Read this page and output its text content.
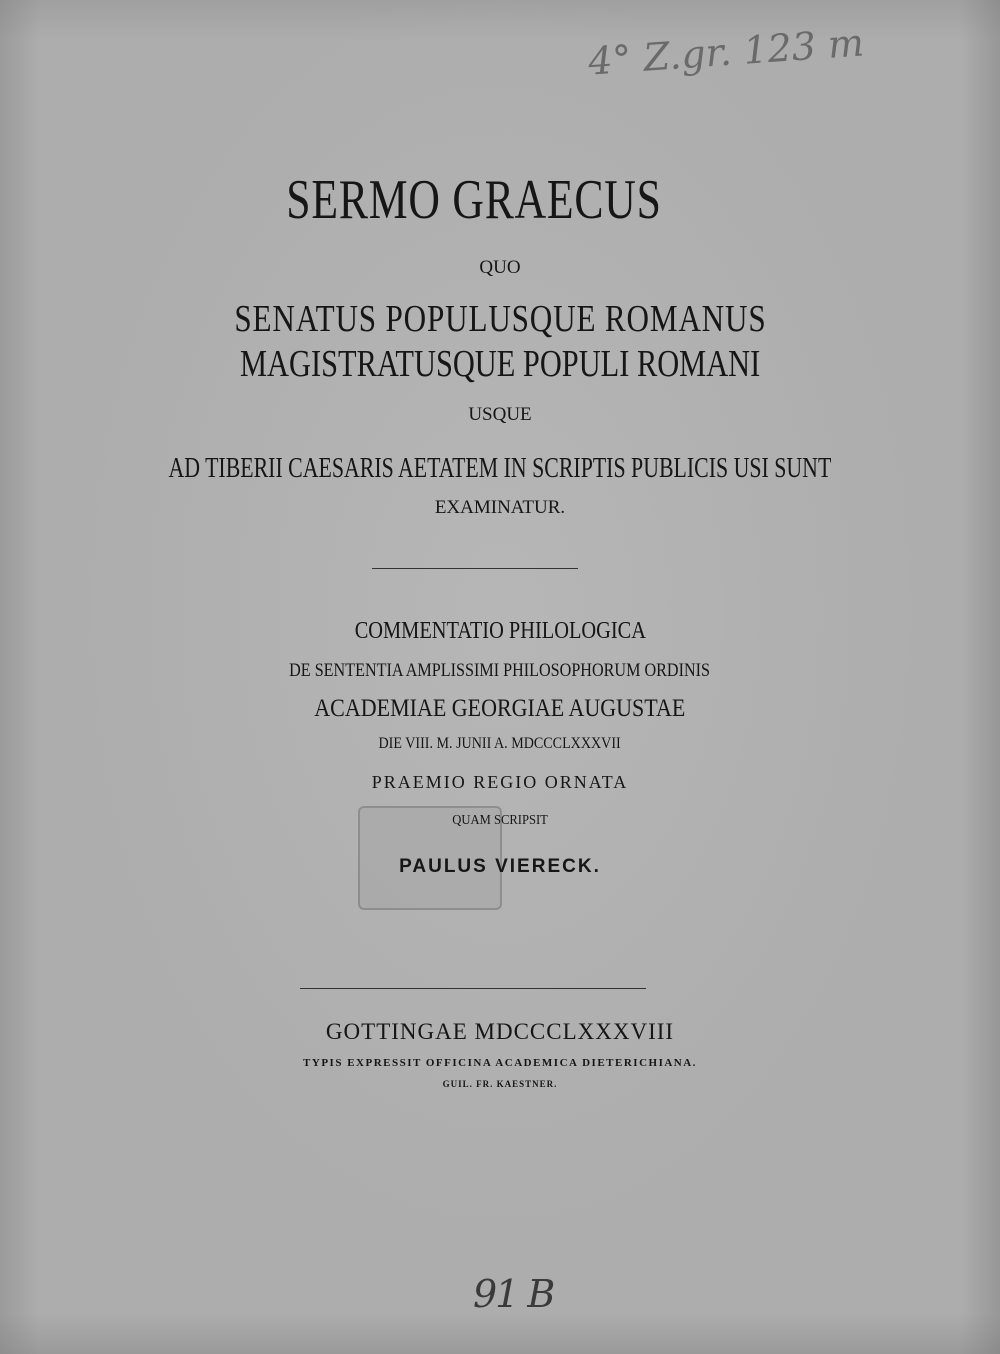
4° Z.gr. 123 m
SERMO GRAECUS
QUO
SENATUS POPULUSQUE ROMANUS
MAGISTRATUSQUE POPULI ROMANI
USQUE
AD TIBERII CAESARIS AETATEM IN SCRIPTIS PUBLICIS USI SUNT
EXAMINATUR.
COMMENTATIO PHILOLOGICA
DE SENTENTIA AMPLISSIMI PHILOSOPHORUM ORDINIS
ACADEMIAE GEORGIAE AUGUSTAE
DIE VIII. M. JUNII A. MDCCCLXXXVII
PRAEMIO REGIO ORNATA
QUAM SCRIPSIT
PAULUS VIERECK.
GOTTINGAE MDCCCLXXXVIII
TYPIS EXPRESSIT OFFICINA ACADEMICA DIETERICHIANA.
GUIL. FR. KAESTNER.
91 B
